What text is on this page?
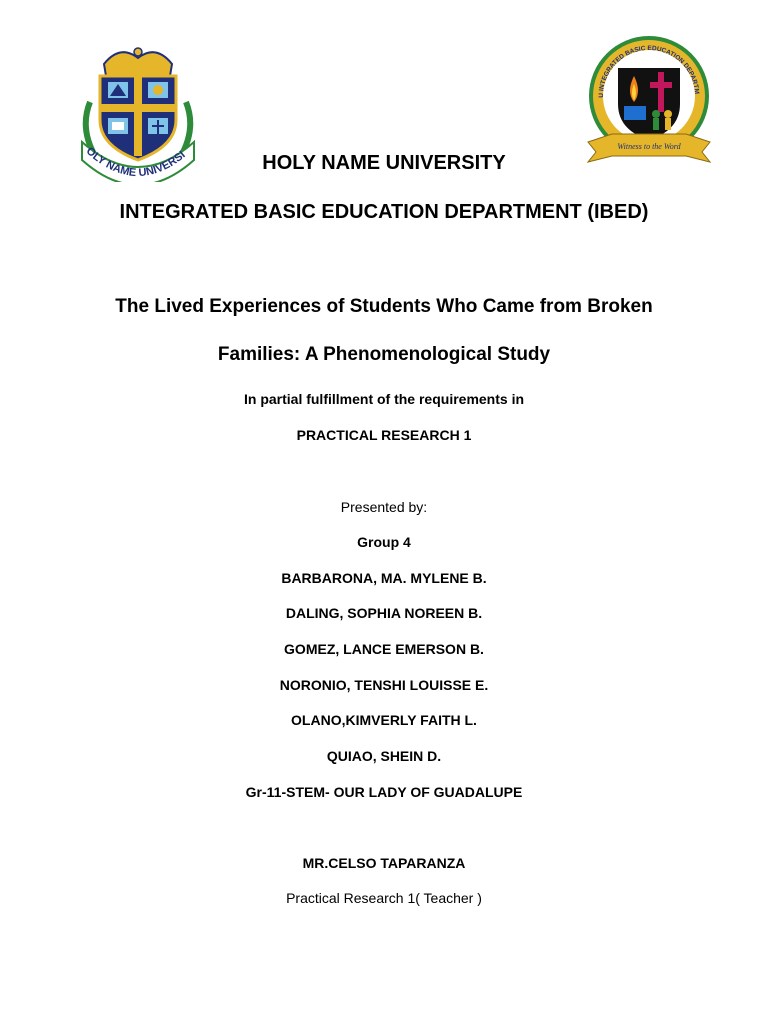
OLY NAME UNIVERSI
U INTEGRATED BASIC EDUCATION DEPARTM
Witness to the Word
HOLY NAME UNIVERSITY
INTEGRATED BASIC EDUCATION DEPARTMENT (IBED)
The Lived Experiences of Students Who Came from Broken
Families: A Phenomenological Study
In partial fulfillment of the requirements in
PRACTICAL RESEARCH 1
Presented by:
Group 4
BARBARONA, MA. MYLENE B.
DALING, SOPHIA NOREEN B.
GOMEZ, LANCE EMERSON B.
NORONIO, TENSHI LOUISSE E.
OLANO,KIMVERLY FAITH L.
QUIAO, SHEIN D.
Gr-11-STEM- OUR LADY OF GUADALUPE
MR.CELSO TAPARANZA
Practical Research 1( Teacher )
